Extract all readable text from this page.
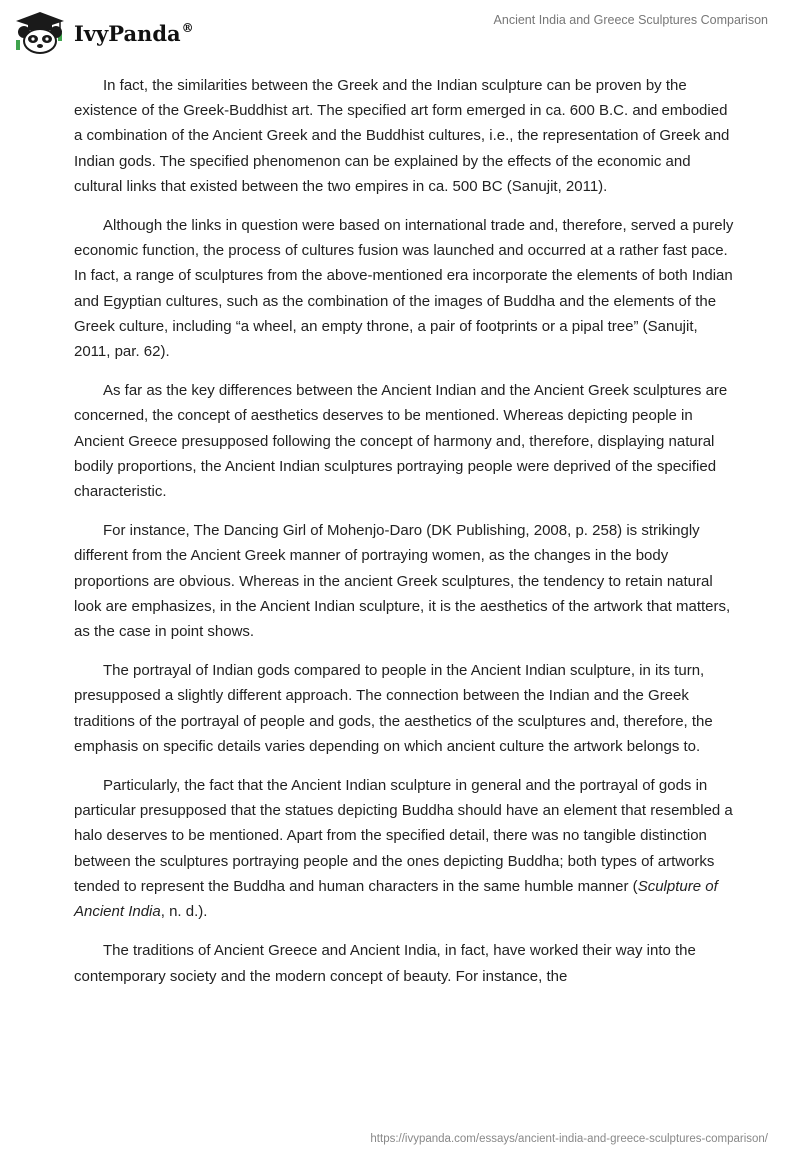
IvyPanda®
Ancient India and Greece Sculptures Comparison

In fact, the similarities between the Greek and the Indian sculpture can be proven by the existence of the Greek-Buddhist art. The specified art form emerged in ca. 600 B.C. and embodied a combination of the Ancient Greek and the Buddhist cultures, i.e., the representation of Greek and Indian gods. The specified phenomenon can be explained by the effects of the economic and cultural links that existed between the two empires in ca. 500 BC (Sanujit, 2011).

Although the links in question were based on international trade and, therefore, served a purely economic function, the process of cultures fusion was launched and occurred at a rather fast pace. In fact, a range of sculptures from the above-mentioned era incorporate the elements of both Indian and Egyptian cultures, such as the combination of the images of Buddha and the elements of the Greek culture, including “a wheel, an empty throne, a pair of footprints or a pipal tree” (Sanujit, 2011, par. 62).

As far as the key differences between the Ancient Indian and the Ancient Greek sculptures are concerned, the concept of aesthetics deserves to be mentioned. Whereas depicting people in Ancient Greece presupposed following the concept of harmony and, therefore, displaying natural bodily proportions, the Ancient Indian sculptures portraying people were deprived of the specified characteristic.

For instance, The Dancing Girl of Mohenjo-Daro (DK Publishing, 2008, p. 258) is strikingly different from the Ancient Greek manner of portraying women, as the changes in the body proportions are obvious. Whereas in the ancient Greek sculptures, the tendency to retain natural look are emphasizes, in the Ancient Indian sculpture, it is the aesthetics of the artwork that matters, as the case in point shows.

The portrayal of Indian gods compared to people in the Ancient Indian sculpture, in its turn, presupposed a slightly different approach. The connection between the Indian and the Greek traditions of the portrayal of people and gods, the aesthetics of the sculptures and, therefore, the emphasis on specific details varies depending on which ancient culture the artwork belongs to.

Particularly, the fact that the Ancient Indian sculpture in general and the portrayal of gods in particular presupposed that the statues depicting Buddha should have an element that resembled a halo deserves to be mentioned. Apart from the specified detail, there was no tangible distinction between the sculptures portraying people and the ones depicting Buddha; both types of artworks tended to represent the Buddha and human characters in the same humble manner (Sculpture of Ancient India, n. d.).

The traditions of Ancient Greece and Ancient India, in fact, have worked their way into the contemporary society and the modern concept of beauty. For instance, the

https://ivypanda.com/essays/ancient-india-and-greece-sculptures-comparison/
